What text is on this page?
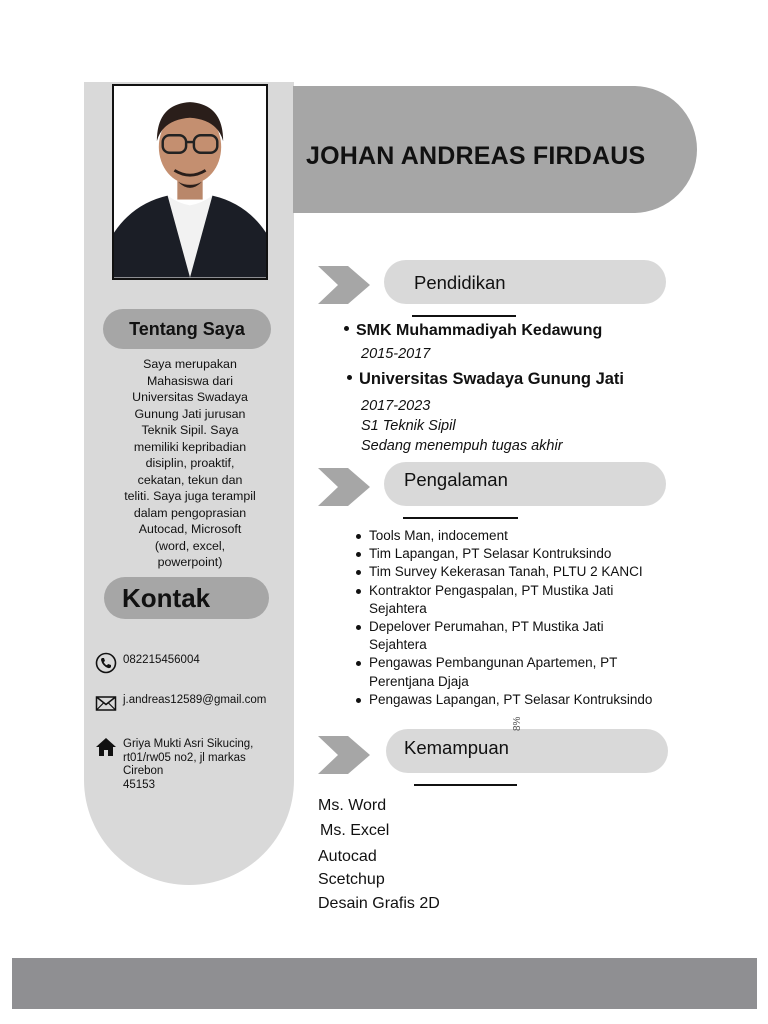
Tentang Saya
Saya merupakan
Mahasiswa dari
Universitas Swadaya
Gunung Jati jurusan
Teknik Sipil. Saya
memiliki kepribadian
disiplin, proaktif,
cekatan, tekun dan
teliti. Saya juga terampil
dalam pengoprasian
Autocad, Microsoft
(word, excel,
powerpoint)
Kontak
082215456004
j.andreas12589@gmail.com
Griya Mukti Asri Sikucing,
rt01/rw05 no2, jl markas
Cirebon
45153
JOHAN ANDREAS FIRDAUS
Pendidikan
SMK Muhammadiyah Kedawung
2015-2017
Universitas Swadaya Gunung Jati
2017-2023
S1 Teknik Sipil
Sedang menempuh tugas akhir
Pengalaman
Tools Man, indocement
Tim Lapangan, PT Selasar Kontruksindo
Tim Survey Kekerasan Tanah, PLTU 2 KANCI
Kontraktor Pengaspalan, PT Mustika Jati Sejahtera
Depelover Perumahan, PT Mustika Jati Sejahtera
Pengawas Pembangunan Apartemen, PT Perentjana Djaja
Pengawas Lapangan, PT Selasar Kontruksindo
Kemampuan
8%
Ms. Word
Ms. Excel
Autocad
Scetchup
Desain Grafis 2D
